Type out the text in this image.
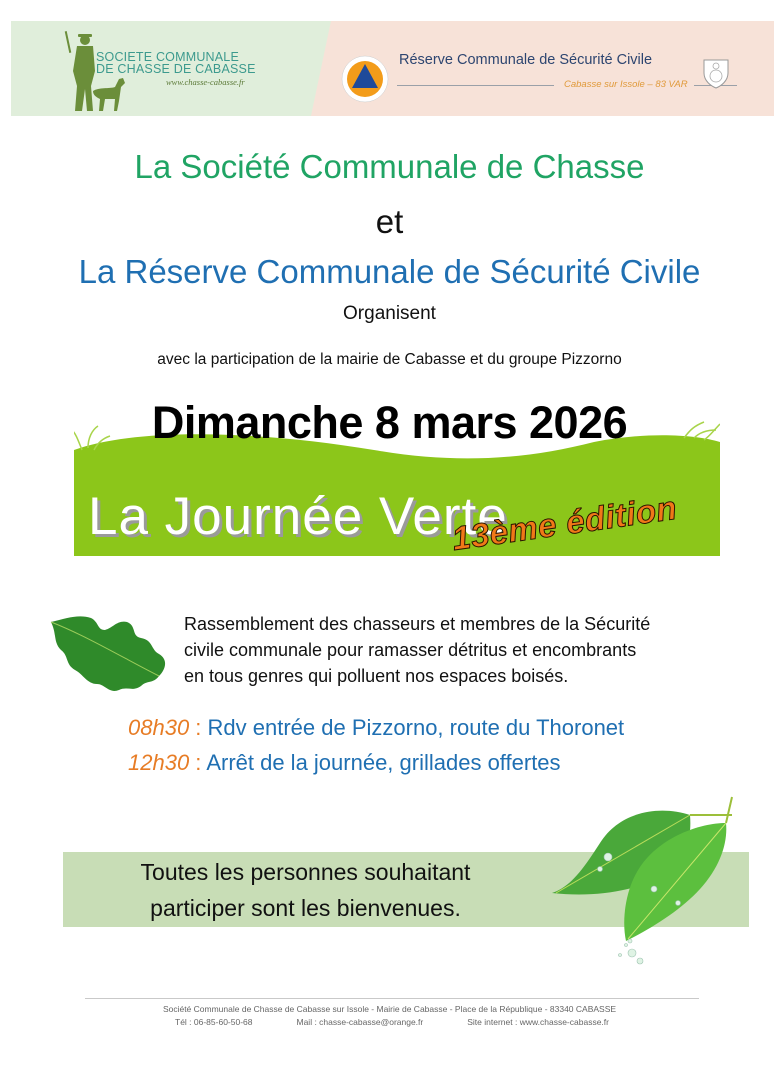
SOCIETE COMMUNALE
DE CHASSE DE CABASSE
www.chasse-cabasse.fr
Réserve Communale de Sécurité Civile
Cabasse sur Issole – 83 VAR
La Société Communale de Chasse
et
La Réserve Communale de Sécurité Civile
Organisent
avec la participation de la mairie de Cabasse et du groupe Pizzorno
Dimanche 8 mars 2026
La Journée Verte
13ème édition
Rassemblement des chasseurs et membres de la Sécurité
civile communale pour ramasser détritus et encombrants
en tous genres qui polluent nos espaces boisés.
08h30 : Rdv entrée de Pizzorno, route du Thoronet
12h30 : Arrêt de la journée, grillades offertes
Toutes les personnes souhaitant
participer sont les bienvenues.
Société Communale de Chasse de Cabasse sur Issole - Mairie de Cabasse - Place de la République - 83340 CABASSE
Tél : 06-85-60-50-68	Mail : chasse-cabasse@orange.fr	Site internet : www.chasse-cabasse.fr
